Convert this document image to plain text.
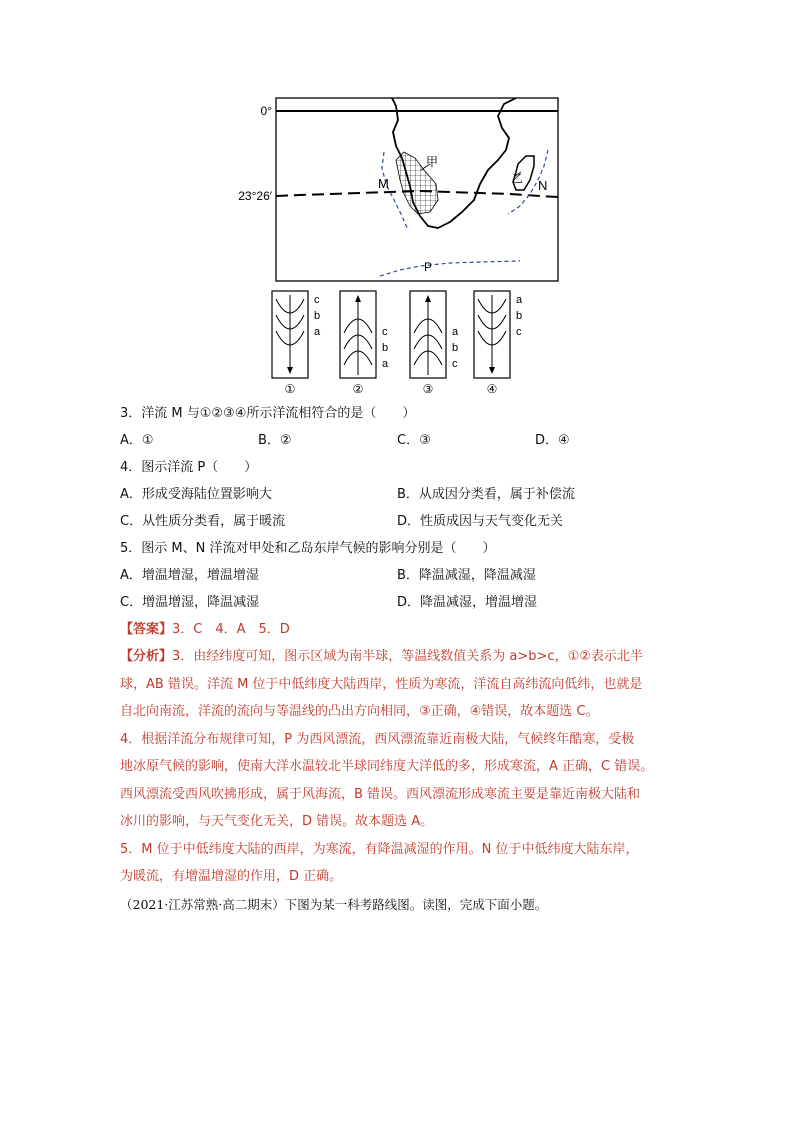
0°
23°26′
M	N
P
甲
乙
c
b
a
①
c
b
a
②
a
b
c
③
a
b
c
④
3．洋流 M 与①②③④所示洋流相符合的是（　　）
A．①	B．②	C．③	D．④
4．图示洋流 P（　　）
A．形成受海陆位置影响大	B．从成因分类看，属于补偿流
C．从性质分类看，属于暖流	D．性质成因与天气变化无关
5．图示 M、N 洋流对甲处和乙岛东岸气候的影响分别是（　　）
A．增温增湿，增温增湿	B．降温减湿，降温减湿
C．增温增湿，降温减湿	D．降温减湿，增温增湿
【答案】3．C　4．A　5．D
【分析】3．由经纬度可知，图示区域为南半球，等温线数值关系为 a>b>c，①②表示北半
球，AB 错误。洋流 M 位于中低纬度大陆西岸，性质为寒流，洋流自高纬流向低纬，也就是
自北向南流，洋流的流向与等温线的凸出方向相同，③正确，④错误，故本题选 C。
4．根据洋流分布规律可知，P 为西风漂流，西风漂流靠近南极大陆，气候终年酷寒，受极
地冰原气候的影响，使南大洋水温较北半球同纬度大洋低的多，形成寒流，A 正确，C 错误。
西风漂流受西风吹拂形成，属于风海流，B 错误。西风漂流形成寒流主要是靠近南极大陆和
冰川的影响，与天气变化无关，D 错误。故本题选 A。
5．M 位于中低纬度大陆的西岸，为寒流，有降温减湿的作用。N 位于中低纬度大陆东岸，
为暖流，有增温增湿的作用，D 正确。
（2021·江苏常熟·高二期末）下图为某一科考路线图。读图，完成下面小题。
